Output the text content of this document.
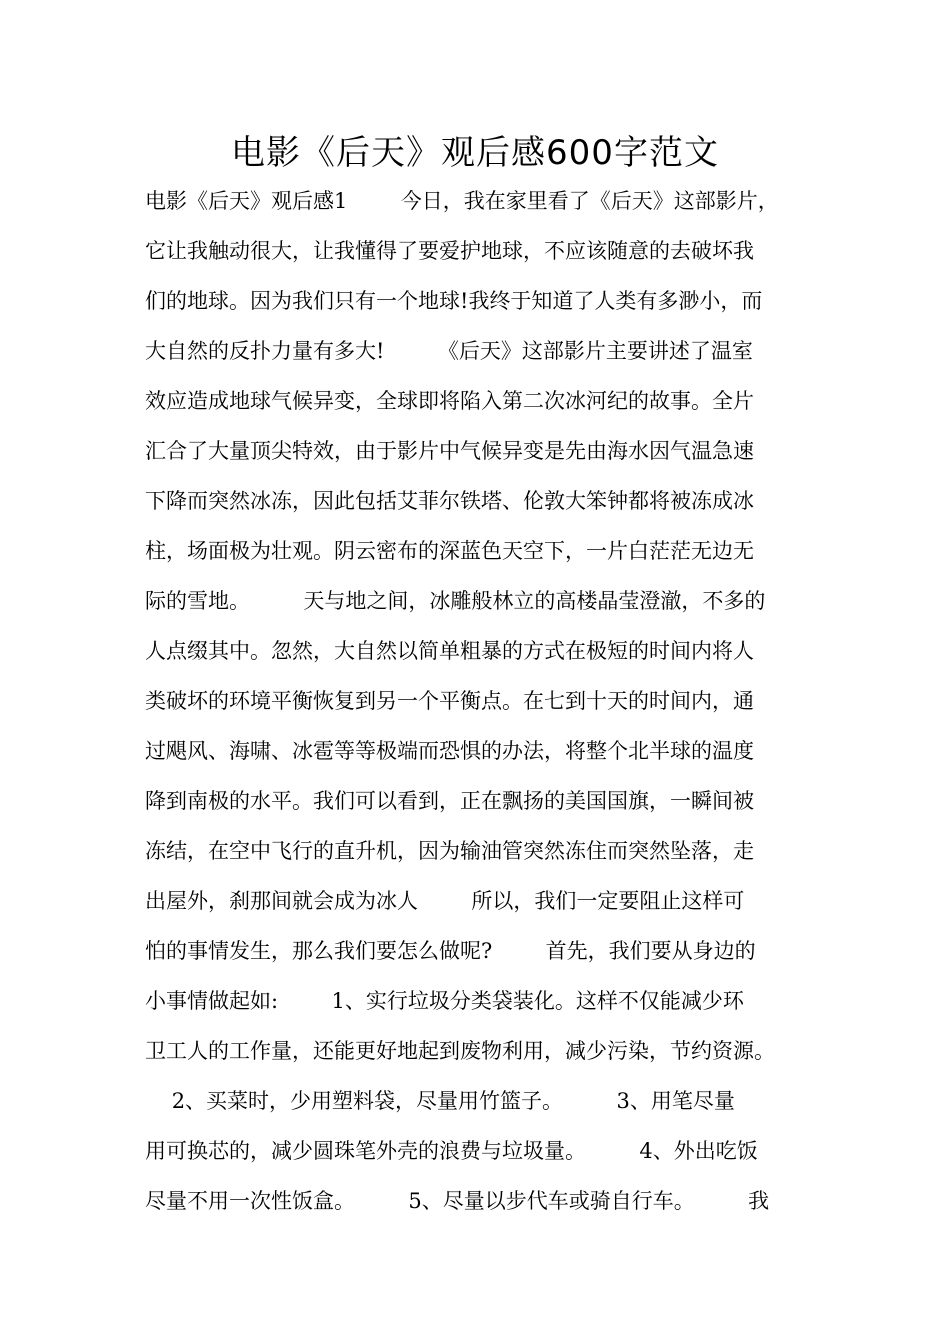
电影《后天》观后感600字范文
电影《后天》观后感1        今日，我在家里看了《后天》这部影片，
它让我触动很大，让我懂得了要爱护地球，不应该随意的去破坏我
们的地球。因为我们只有一个地球!我终于知道了人类有多渺小，而
大自然的反扑力量有多大!        《后天》这部影片主要讲述了温室
效应造成地球气候异变，全球即将陷入第二次冰河纪的故事。全片
汇合了大量顶尖特效，由于影片中气候异变是先由海水因气温急速
下降而突然冰冻，因此包括艾菲尔铁塔、伦敦大笨钟都将被冻成冰
柱，场面极为壮观。阴云密布的深蓝色天空下，一片白茫茫无边无
际的雪地。        天与地之间，冰雕般林立的高楼晶莹澄澈，不多的
人点缀其中。忽然，大自然以简单粗暴的方式在极短的时间内将人
类破坏的环境平衡恢复到另一个平衡点。在七到十天的时间内，通
过飓风、海啸、冰雹等等极端而恐惧的办法，将整个北半球的温度
降到南极的水平。我们可以看到，正在飘扬的美国国旗，一瞬间被
冻结，在空中飞行的直升机，因为输油管突然冻住而突然坠落，走
出屋外，刹那间就会成为冰人        所以，我们一定要阻止这样可
怕的事情发生，那么我们要怎么做呢?        首先，我们要从身边的
小事情做起如:        1、实行垃圾分类袋装化。这样不仅能减少环
卫工人的工作量，还能更好地起到废物利用，减少污染，节约资源。
2、买菜时，少用塑料袋，尽量用竹篮子。        3、用笔尽量
用可换芯的，减少圆珠笔外壳的浪费与垃圾量。        4、外出吃饭
尽量不用一次性饭盒。        5、尽量以步代车或骑自行车。        我
